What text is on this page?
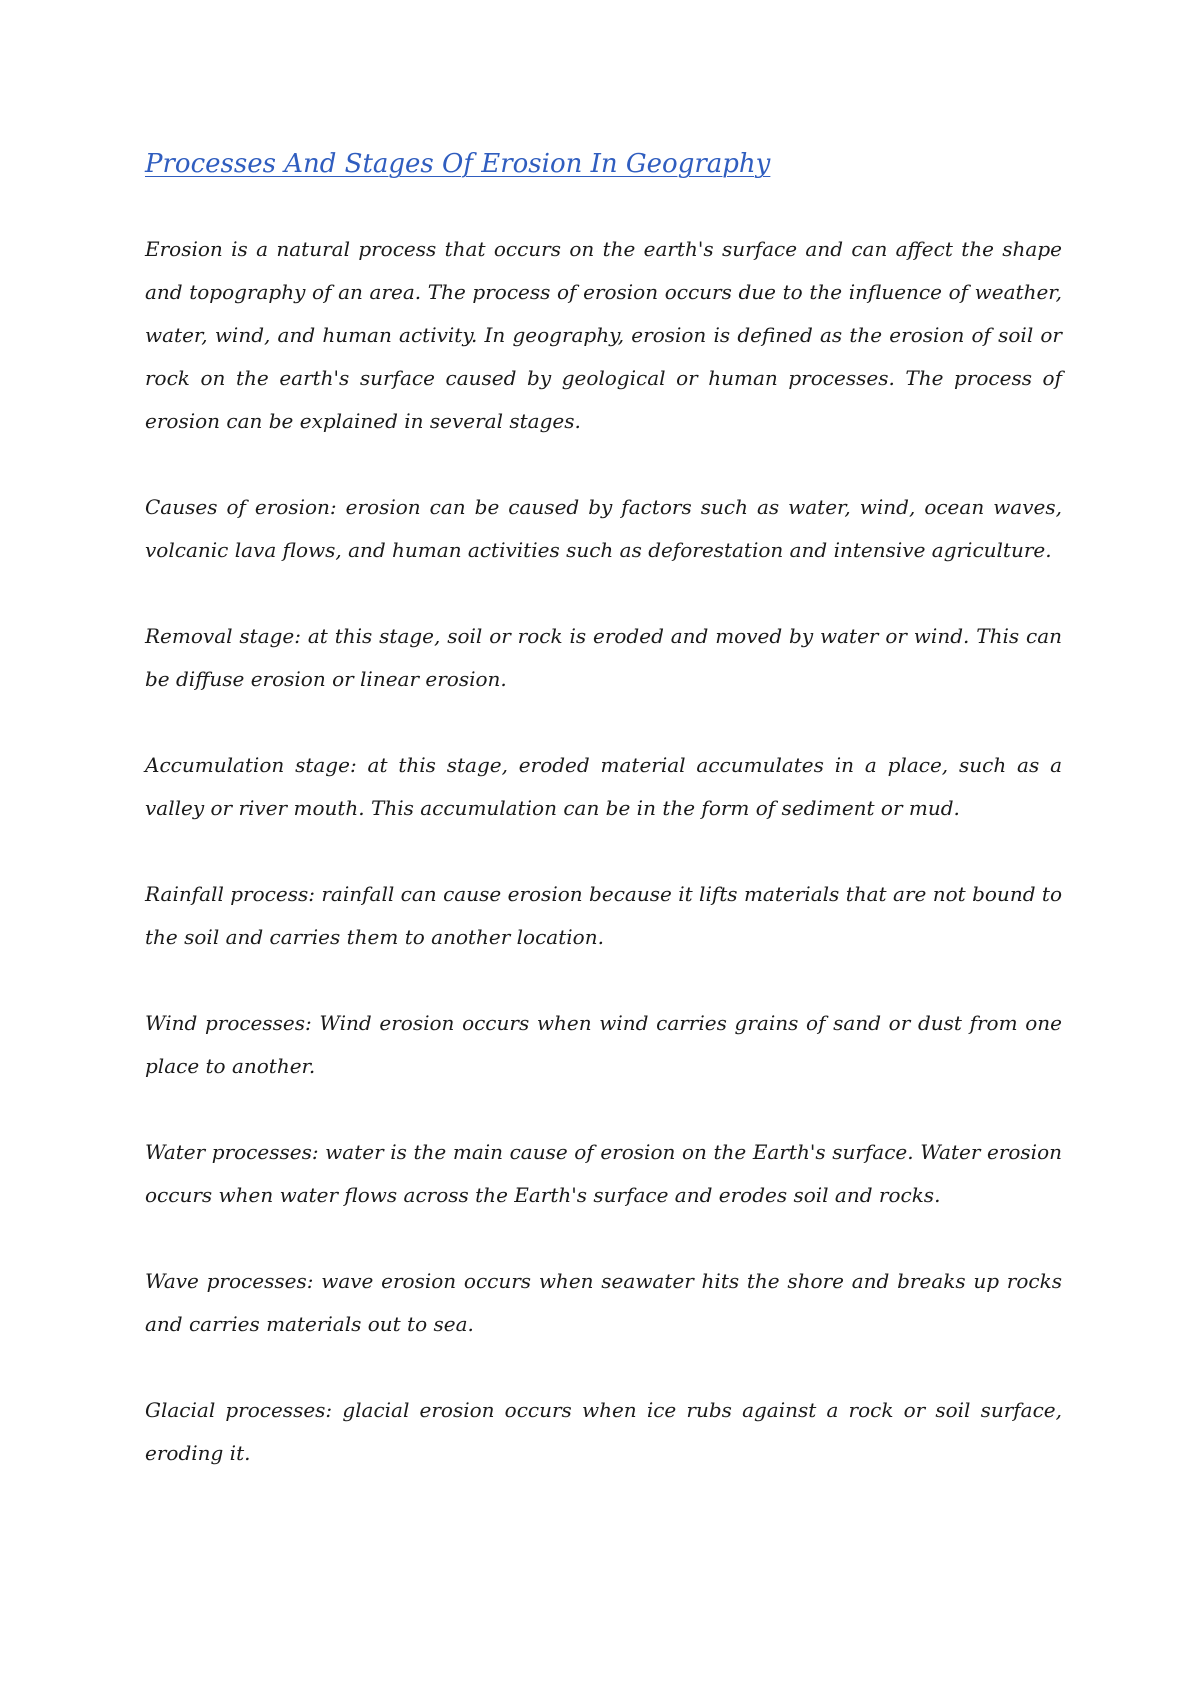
Processes And Stages Of Erosion In Geography

Erosion is a natural process that occurs on the earth's surface and can affect the shape and topography of an area. The process of erosion occurs due to the influence of weather, water, wind, and human activity. In geography, erosion is defined as the erosion of soil or rock on the earth's surface caused by geological or human processes. The process of erosion can be explained in several stages.

Causes of erosion: erosion can be caused by factors such as water, wind, ocean waves, volcanic lava flows, and human activities such as deforestation and intensive agriculture.

Removal stage: at this stage, soil or rock is eroded and moved by water or wind. This can be diffuse erosion or linear erosion.

Accumulation stage: at this stage, eroded material accumulates in a place, such as a valley or river mouth. This accumulation can be in the form of sediment or mud.

Rainfall process: rainfall can cause erosion because it lifts materials that are not bound to the soil and carries them to another location.

Wind processes: Wind erosion occurs when wind carries grains of sand or dust from one place to another.

Water processes: water is the main cause of erosion on the Earth's surface. Water erosion occurs when water flows across the Earth's surface and erodes soil and rocks.

Wave processes: wave erosion occurs when seawater hits the shore and breaks up rocks and carries materials out to sea.

Glacial processes: glacial erosion occurs when ice rubs against a rock or soil surface, eroding it.
